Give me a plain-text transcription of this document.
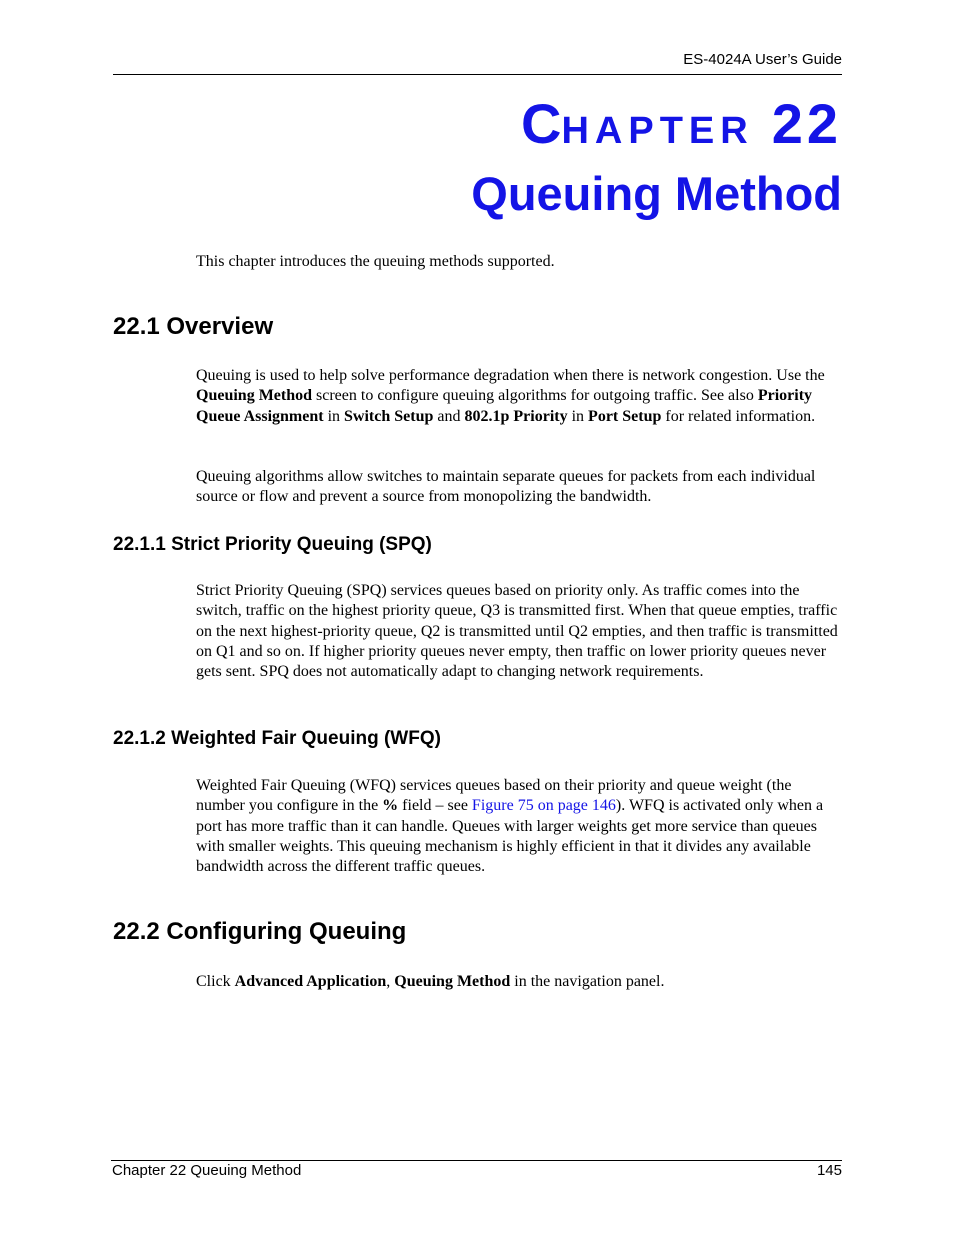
ES-4024A User’s Guide
CHAPTER 22
Queuing Method

This chapter introduces the queuing methods supported.

22.1 Overview

Queuing is used to help solve performance degradation when there is network congestion. Use the Queuing Method screen to configure queuing algorithms for outgoing traffic. See also Priority Queue Assignment in Switch Setup and 802.1p Priority in Port Setup for related information.

Queuing algorithms allow switches to maintain separate queues for packets from each individual source or flow and prevent a source from monopolizing the bandwidth.

22.1.1 Strict Priority Queuing (SPQ)

Strict Priority Queuing (SPQ) services queues based on priority only. As traffic comes into the switch, traffic on the highest priority queue, Q3 is transmitted first. When that queue empties, traffic on the next highest-priority queue, Q2 is transmitted until Q2 empties, and then traffic is transmitted on Q1 and so on. If higher priority queues never empty, then traffic on lower priority queues never gets sent. SPQ does not automatically adapt to changing network requirements.

22.1.2 Weighted Fair Queuing (WFQ)

Weighted Fair Queuing (WFQ) services queues based on their priority and queue weight (the number you configure in the % field – see Figure 75 on page 146). WFQ is activated only when a port has more traffic than it can handle. Queues with larger weights get more service than queues with smaller weights. This queuing mechanism is highly efficient in that it divides any available bandwidth across the different traffic queues.

22.2 Configuring Queuing

Click Advanced Application, Queuing Method in the navigation panel.

Chapter 22 Queuing Method	145
